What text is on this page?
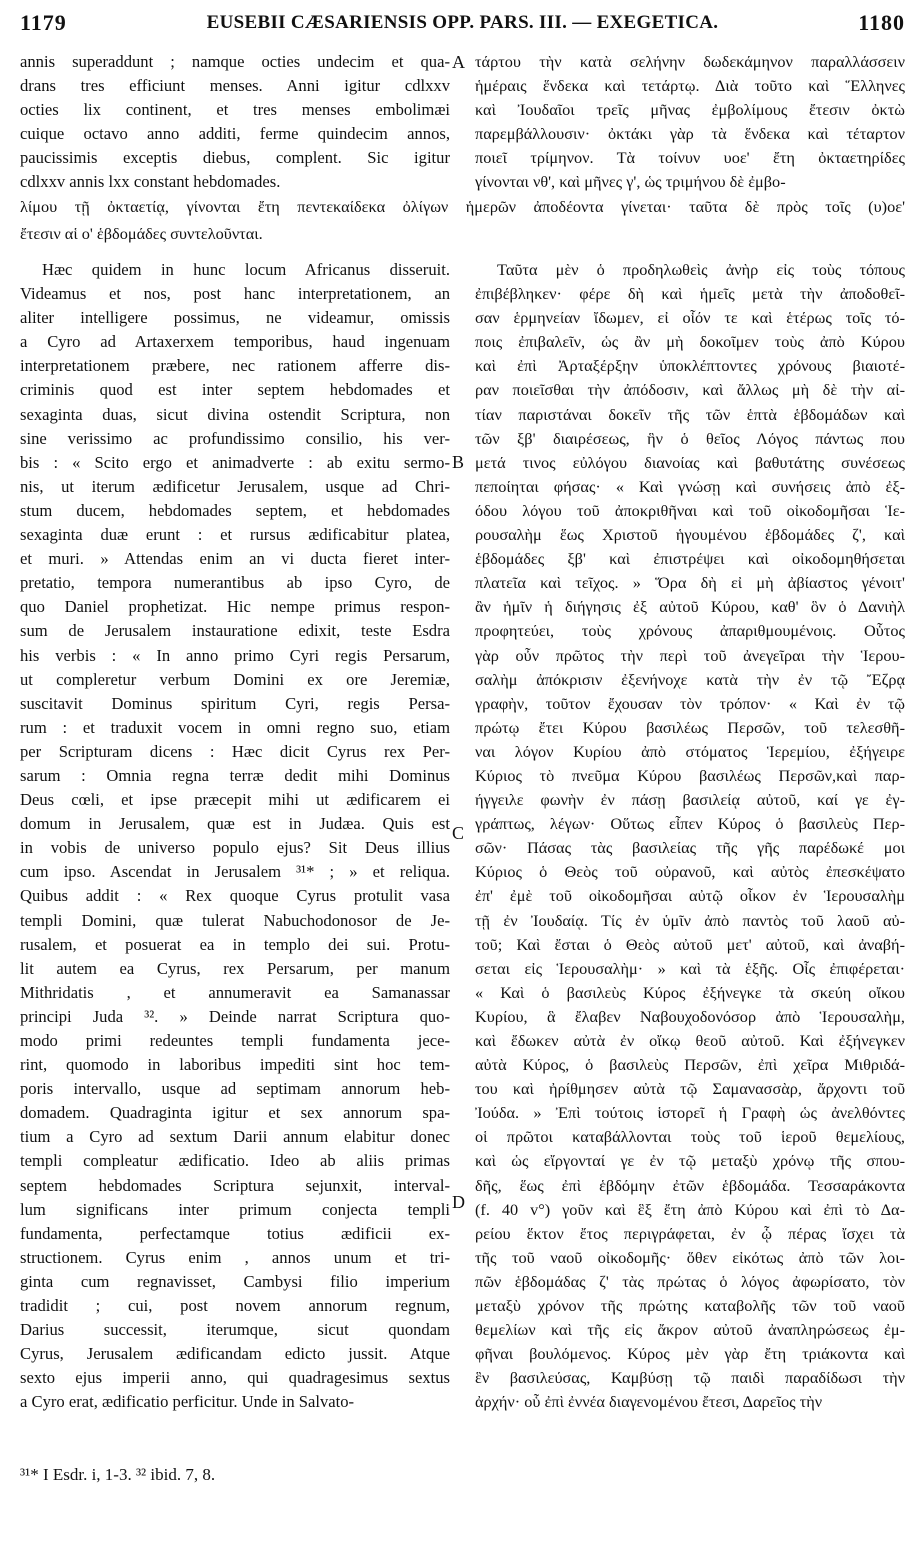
1179	EUSEBII CÆSARIENSIS OPP. PARS. III. — EXEGETICA.	1180
annis superaddunt ; namque octies undecim et qua-
drans tres efficiunt menses. Anni igitur cdlxxv
octies lix continent, et tres menses embolimæi
cuique octavo anno additi, ferme quindecim annos,
paucissimis exceptis diebus, complent. Sic igitur
cdlxxv annis lxx constant hebdomades.
τάρτου τὴν κατὰ σελήνην δωδεκάμηνον παραλλάσσειν
ἡμέραις ἕνδεκα καὶ τετάρτῳ. Διὰ τοῦτο καὶ Ἕλληνες
καὶ Ἰουδαῖοι τρεῖς μῆνας ἐμβολίμους ἔτεσιν ὀκτὼ
παρεμβάλλουσιν· ὀκτάκι γὰρ τὰ ἕνδεκα καὶ τέταρτον
ποιεῖ τρίμηνον. Τὰ τοίνυν υοε' ἔτη ὀκταετηρίδες
γίνονται νθ', καὶ μῆνες γ', ὡς τριμήνου δὲ ἐμβο-
λίμου τῇ ὀκταετίᾳ, γίνονται ἔτη πεντεκαίδεκα ὀλίγων ἡμερῶν ἀποδέοντα γίνεται· ταῦτα δὲ πρὸς τοῖς (υ)οε'
ἔτεσιν αἱ ο' ἑβδομάδες συντελοῦνται.
Hæc quidem in hunc locum Africanus disseruit.
Videamus et nos, post hanc interpretationem, an
aliter intelligere possimus, ne videamur, omissis
a Cyro ad Artaxerxem temporibus, haud ingenuam
interpretationem præbere, nec rationem afferre dis-
criminis quod est inter septem hebdomades et
sexaginta duas, sicut divina ostendit Scriptura, non
sine verissimo ac profundissimo consilio, his ver-
bis : « Scito ergo et animadverte : ab exitu sermo-
nis, ut iterum ædificetur Jerusalem, usque ad Chri-
stum ducem, hebdomades septem, et hebdomades
sexaginta duæ erunt : et rursus ædificabitur platea,
et muri. » Attendas enim an vi ducta fieret inter-
pretatio, tempora numerantibus ab ipso Cyro, de
quo Daniel prophetizat. Hic nempe primus respon-
sum de Jerusalem instauratione edixit, teste Esdra
his verbis : « In anno primo Cyri regis Persarum,
ut compleretur verbum Domini ex ore Jeremiæ,
suscitavit Dominus spiritum Cyri, regis Persa-
rum : et traduxit vocem in omni regno suo, etiam
per Scripturam dicens : Hæc dicit Cyrus rex Per-
sarum : Omnia regna terræ dedit mihi Dominus
Deus cœli, et ipse præcepit mihi ut ædificarem ei
domum in Jerusalem, quæ est in Judæa. Quis est
in vobis de universo populo ejus? Sit Deus illius
cum ipso. Ascendat in Jerusalem ³¹* ; » et reliqua.
Quibus addit : « Rex quoque Cyrus protulit vasa
templi Domini, quæ tulerat Nabuchodonosor de Je-
rusalem, et posuerat ea in templo dei sui. Protu-
lit autem ea Cyrus, rex Persarum, per manum
Mithridatis , et annumeravit ea Samanassar
principi Juda ³². » Deinde narrat Scriptura quo-
modo primi redeuntes templi fundamenta jece-
rint, quomodo in laboribus impediti sint hoc tem-
poris intervallo, usque ad septimam annorum heb-
domadem. Quadraginta igitur et sex annorum spa-
tium a Cyro ad sextum Darii annum elabitur donec
templi compleatur ædificatio. Ideo ab aliis primas
septem hebdomades Scriptura sejunxit, interval-
lum significans inter primum conjecta templi
fundamenta, perfectamque totius ædificii ex-
structionem. Cyrus enim , annos unum et tri-
ginta cum regnavisset, Cambysi filio imperium
tradidit ; cui, post novem annorum regnum,
Darius successit, iterumque, sicut quondam
Cyrus, Jerusalem ædificandam edicto jussit. Atque
sexto ejus imperii anno, qui quadragesimus sextus
a Cyro erat, ædificatio perficitur. Unde in Salvato-
Ταῦτα μὲν ὁ προδηλωθεὶς ἀνὴρ εἰς τοὺς τόπους
ἐπιβέβληκεν· φέρε δὴ καὶ ἡμεῖς μετὰ τὴν ἀποδοθεῖ-
σαν ἑρμηνείαν ἴδωμεν, εἰ οἷόν τε καὶ ἑτέρως τοῖς τό-
ποις ἐπιβαλεῖν, ὡς ἂν μὴ δοκοῖμεν τοὺς ἀπὸ Κύρου
καὶ ἐπὶ Ἀρταξέρξην ὑποκλέπτοντες χρόνους βιαιοτέ-
ραν ποιεῖσθαι τὴν ἀπόδοσιν, καὶ ἄλλως μὴ δὲ τὴν αἰ-
τίαν παριστάναι δοκεῖν τῆς τῶν ἑπτὰ ἑβδομάδων καὶ
τῶν ξβ' διαιρέσεως, ἣν ὁ θεῖος Λόγος πάντως που
μετά τινος εὐλόγου διανοίας καὶ βαθυτάτης συνέσεως
πεποίηται φήσας· « Καὶ γνώσῃ καὶ συνήσεις ἀπὸ ἐξ-
όδου λόγου τοῦ ἀποκριθῆναι καὶ τοῦ οἰκοδομῆσαι Ἱε-
ρουσαλὴμ ἕως Χριστοῦ ἡγουμένου ἑβδομάδες ζ', καὶ
ἑβδομάδες ξβ' καὶ ἐπιστρέψει καὶ οἰκοδομηθήσεται
πλατεῖα καὶ τεῖχος. » Ὅρα δὴ εἰ μὴ ἀβίαστος γένοιτ'
ἂν ἡμῖν ἡ διήγησις ἐξ αὐτοῦ Κύρου, καθ' ὃν ὁ Δανιὴλ
προφητεύει, τοὺς χρόνους ἀπαριθμουμένοις. Οὗτος
γὰρ οὖν πρῶτος τὴν περὶ τοῦ ἀνεγεῖραι τὴν Ἱερου-
σαλὴμ ἀπόκρισιν ἐξενήνοχε κατὰ τὴν ἐν τῷ Ἔζρᾳ
γραφὴν, τοῦτον ἔχουσαν τὸν τρόπον· « Καὶ ἐν τῷ
πρώτῳ ἔτει Κύρου βασιλέως Περσῶν, τοῦ τελεσθῆ-
ναι λόγον Κυρίου ἀπὸ στόματος Ἱερεμίου, ἐξήγειρε
Κύριος τὸ πνεῦμα Κύρου βασιλέως Περσῶν,καὶ παρ-
ήγγειλε φωνὴν ἐν πάσῃ βασιλείᾳ αὐτοῦ, καί γε ἐγ-
γράπτως, λέγων· Οὕτως εἶπεν Κύρος ὁ βασιλεὺς Περ-
σῶν· Πάσας τὰς βασιλείας τῆς γῆς παρέδωκέ μοι
Κύριος ὁ Θεὸς τοῦ οὐρανοῦ, καὶ αὐτὸς ἐπεσκέψατο
ἐπ' ἐμὲ τοῦ οἰκοδομῆσαι αὐτῷ οἶκον ἐν Ἱερουσαλὴμ
τῇ ἐν Ἰουδαίᾳ. Τίς ἐν ὑμῖν ἀπὸ παντὸς τοῦ λαοῦ αὐ-
τοῦ; Καὶ ἔσται ὁ Θεὸς αὐτοῦ μετ' αὐτοῦ, καὶ ἀναβή-
σεται εἰς Ἱερουσαλὴμ· » καὶ τὰ ἑξῆς. Οἷς ἐπιφέρεται·
« Καὶ ὁ βασιλεὺς Κύρος ἐξήνεγκε τὰ σκεύη οἴκου
Κυρίου, ἃ ἔλαβεν Ναβουχοδονόσορ ἀπὸ Ἱερουσαλὴμ,
καὶ ἔδωκεν αὐτὰ ἐν οἴκῳ θεοῦ αὐτοῦ. Καὶ ἐξήνεγκεν
αὐτὰ Κύρος, ὁ βασιλεὺς Περσῶν, ἐπὶ χεῖρα Μιθριδά-
του καὶ ἠρίθμησεν αὐτὰ τῷ Σαμανασσὰρ, ἄρχοντι τοῦ
Ἰούδα. » Ἐπὶ τούτοις ἱστορεῖ ἡ Γραφὴ ὡς ἀνελθόντες
οἱ πρῶτοι καταβάλλονται τοὺς τοῦ ἱεροῦ θεμελίους,
καὶ ὡς εἴργονταί γε ἐν τῷ μεταξὺ χρόνῳ τῆς σπου-
δῆς, ἕως ἐπὶ ἑβδόμην ἐτῶν ἑβδομάδα. Τεσσαράκοντα
(f. 40 v°) γοῦν καὶ ἓξ ἔτη ἀπὸ Κύρου καὶ ἐπὶ τὸ Δα-
ρείου ἕκτον ἔτος περιγράφεται, ἐν ᾧ πέρας ἴσχει τὰ
τῆς τοῦ ναοῦ οἰκοδομῆς· ὅθεν εἰκότως ἀπὸ τῶν λοι-
πῶν ἑβδομάδας ζ' τὰς πρώτας ὁ λόγος ἀφωρίσατο, τὸν
μεταξὺ χρόνον τῆς πρώτης καταβολῆς τῶν τοῦ ναοῦ
θεμελίων καὶ τῆς εἰς ἄκρον αὐτοῦ ἀναπληρώσεως ἐμ-
φῆναι βουλόμενος. Κύρος μὲν γὰρ ἔτη τριάκοντα καὶ
ἓν βασιλεύσας, Καμβύσῃ τῷ παιδὶ παραδίδωσι τὴν
ἀρχήν· οὗ ἐπὶ ἐννέα διαγενομένου ἔτεσι, Δαρεῖος τὴν
A
B
C
D
³¹* I Esdr. i, 1-3. ³² ibid. 7, 8.
